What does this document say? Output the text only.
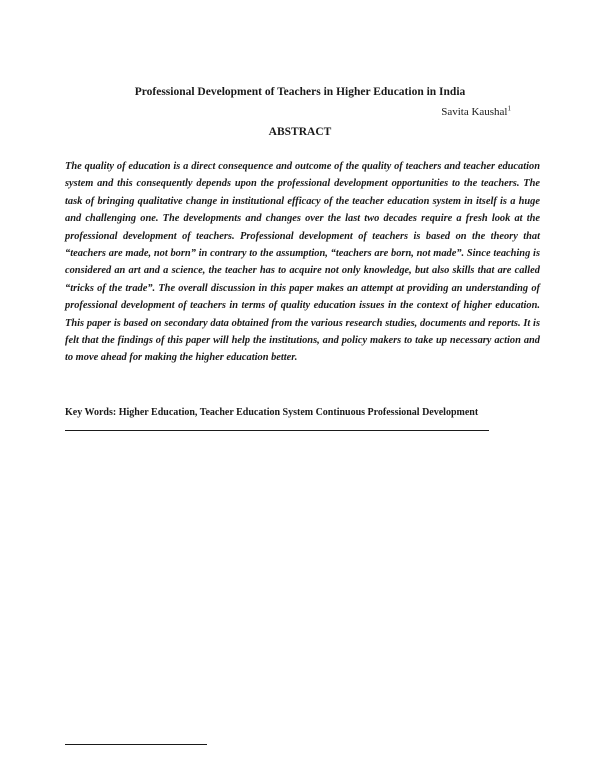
Professional Development of Teachers in Higher Education in India

Savita Kaushal$^1$

ABSTRACT

The quality of education is a direct consequence and outcome of the quality of teachers and teacher education system and this consequently depends upon the professional development opportunities to the teachers. The task of bringing qualitative change in institutional efficacy of the teacher education system in itself is a huge and challenging one. The developments and changes over the last two decades require a fresh look at the professional development of teachers. Professional development of teachers is based on the theory that “teachers are made, not born” in contrary to the assumption, “teachers are born, not made”. Since teaching is considered an art and a science, the teacher has to acquire not only knowledge, but also skills that are called “tricks of the trade”. The overall discussion in this paper makes an attempt at providing an understanding of professional development of teachers in terms of quality education issues in the context of higher education. This paper is based on secondary data obtained from the various research studies, documents and reports. It is felt that the findings of this paper will help the institutions, and policy makers to take up necessary action and to move ahead for making the higher education better.

Key Words: Higher Education, Teacher Education System Continuous Professional Development
